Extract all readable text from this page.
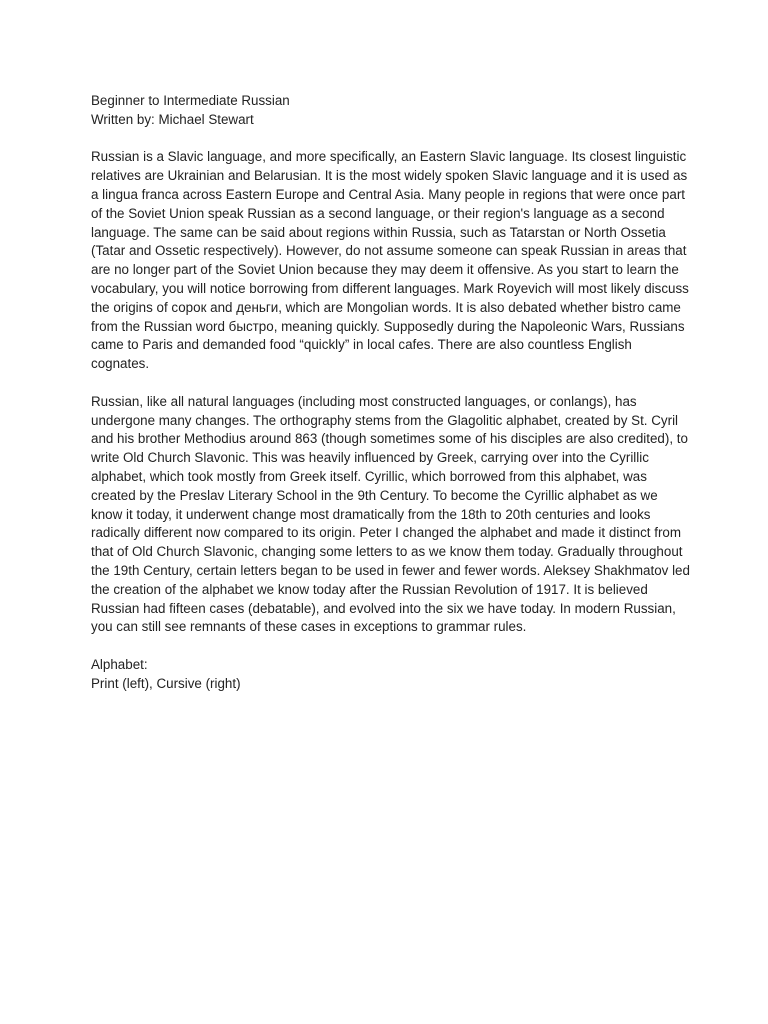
Beginner to Intermediate Russian

Written by: Michael Stewart

Russian is a Slavic language, and more specifically, an Eastern Slavic language. Its closest linguistic relatives are Ukrainian and Belarusian. It is the most widely spoken Slavic language and it is used as a lingua franca across Eastern Europe and Central Asia. Many people in regions that were once part of the Soviet Union speak Russian as a second language, or their region's language as a second language. The same can be said about regions within Russia, such as Tatarstan or North Ossetia (Tatar and Ossetic respectively). However, do not assume someone can speak Russian in areas that are no longer part of the Soviet Union because they may deem it offensive. As you start to learn the vocabulary, you will notice borrowing from different languages. Mark Royevich will most likely discuss the origins of сорок and деньги, which are Mongolian words. It is also debated whether bistro came from the Russian word быстро, meaning quickly. Supposedly during the Napoleonic Wars, Russians came to Paris and demanded food “quickly” in local cafes. There are also countless English cognates.

Russian, like all natural languages (including most constructed languages, or conlangs), has undergone many changes. The orthography stems from the Glagolitic alphabet, created by St. Cyril and his brother Methodius around 863 (though sometimes some of his disciples are also credited), to write Old Church Slavonic. This was heavily influenced by Greek, carrying over into the Cyrillic alphabet, which took mostly from Greek itself. Cyrillic, which borrowed from this alphabet, was created by the Preslav Literary School in the 9th Century. To become the Cyrillic alphabet as we know it today, it underwent change most dramatically from the 18th to 20th centuries and looks radically different now compared to its origin. Peter I changed the alphabet and made it distinct from that of Old Church Slavonic, changing some letters to as we know them today. Gradually throughout the 19th Century, certain letters began to be used in fewer and fewer words. Aleksey Shakhmatov led the creation of the alphabet we know today after the Russian Revolution of 1917. It is believed Russian had fifteen cases (debatable), and evolved into the six we have today. In modern Russian, you can still see remnants of these cases in exceptions to grammar rules.

Alphabet:

Print (left), Cursive (right)
